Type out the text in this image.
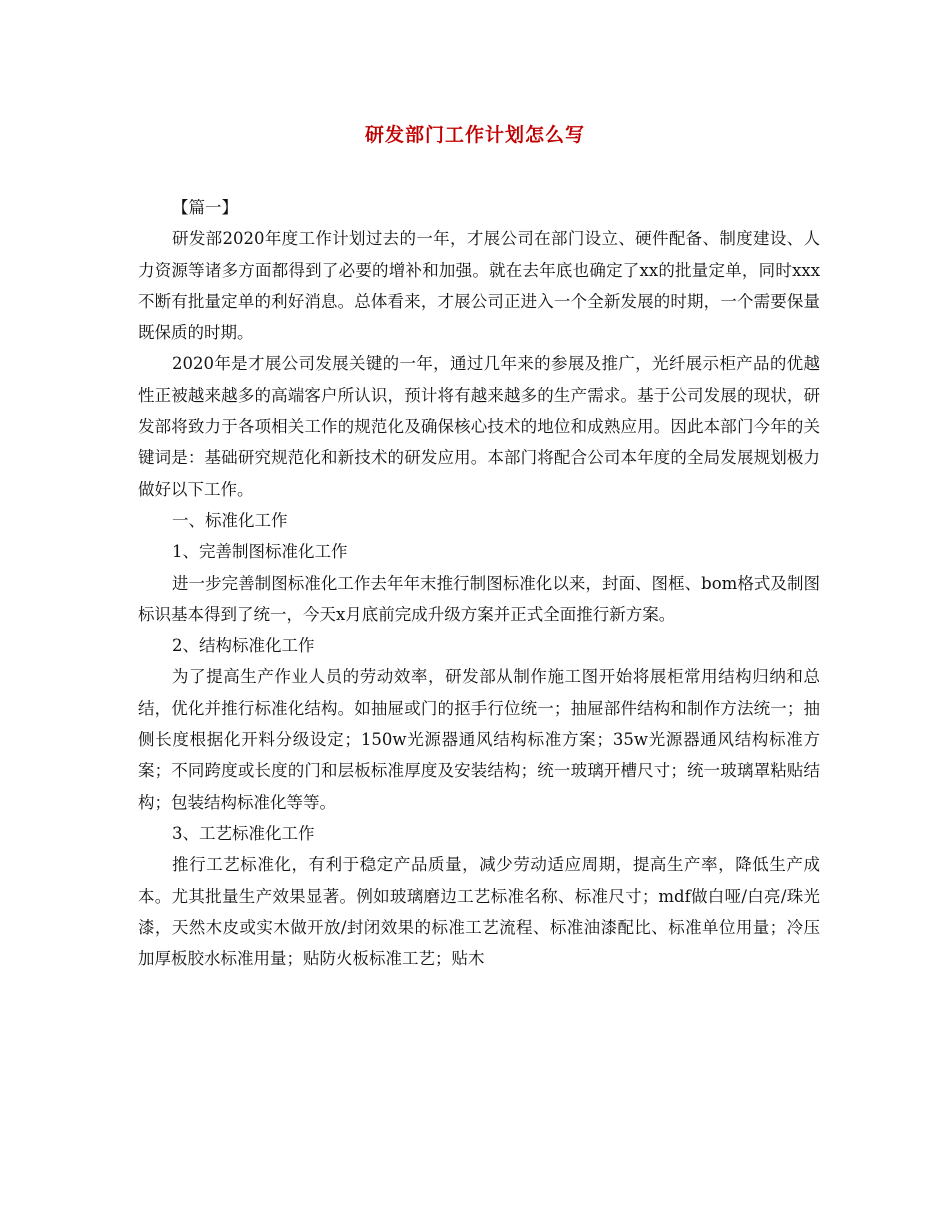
研发部门工作计划怎么写

【篇一】

研发部2020年度工作计划过去的一年，才展公司在部门设立、硬件配备、制度建设、人力资源等诸多方面都得到了必要的增补和加强。就在去年底也确定了xx的批量定单，同时xxx不断有批量定单的利好消息。总体看来，才展公司正进入一个全新发展的时期，一个需要保量既保质的时期。

2020年是才展公司发展关键的一年，通过几年来的参展及推广，光纤展示柜产品的优越性正被越来越多的高端客户所认识，预计将有越来越多的生产需求。基于公司发展的现状，研发部将致力于各项相关工作的规范化及确保核心技术的地位和成熟应用。因此本部门今年的关键词是：基础研究规范化和新技术的研发应用。本部门将配合公司本年度的全局发展规划极力做好以下工作。

一、标准化工作

1、完善制图标准化工作

进一步完善制图标准化工作去年年末推行制图标准化以来，封面、图框、bom格式及制图标识基本得到了统一，今天x月底前完成升级方案并正式全面推行新方案。

2、结构标准化工作

为了提高生产作业人员的劳动效率，研发部从制作施工图开始将展柜常用结构归纳和总结，优化并推行标准化结构。如抽屉或门的抠手行位统一；抽屉部件结构和制作方法统一；抽侧长度根据化开料分级设定；150w光源器通风结构标准方案；35w光源器通风结构标准方案；不同跨度或长度的门和层板标准厚度及安装结构；统一玻璃开槽尺寸；统一玻璃罩粘贴结构；包装结构标准化等等。

3、工艺标准化工作

推行工艺标准化，有利于稳定产品质量，减少劳动适应周期，提高生产率，降低生产成本。尤其批量生产效果显著。例如玻璃磨边工艺标准名称、标准尺寸；mdf做白哑/白亮/珠光漆，天然木皮或实木做开放/封闭效果的标准工艺流程、标准油漆配比、标准单位用量；冷压加厚板胶水标准用量；贴防火板标准工艺；贴木
